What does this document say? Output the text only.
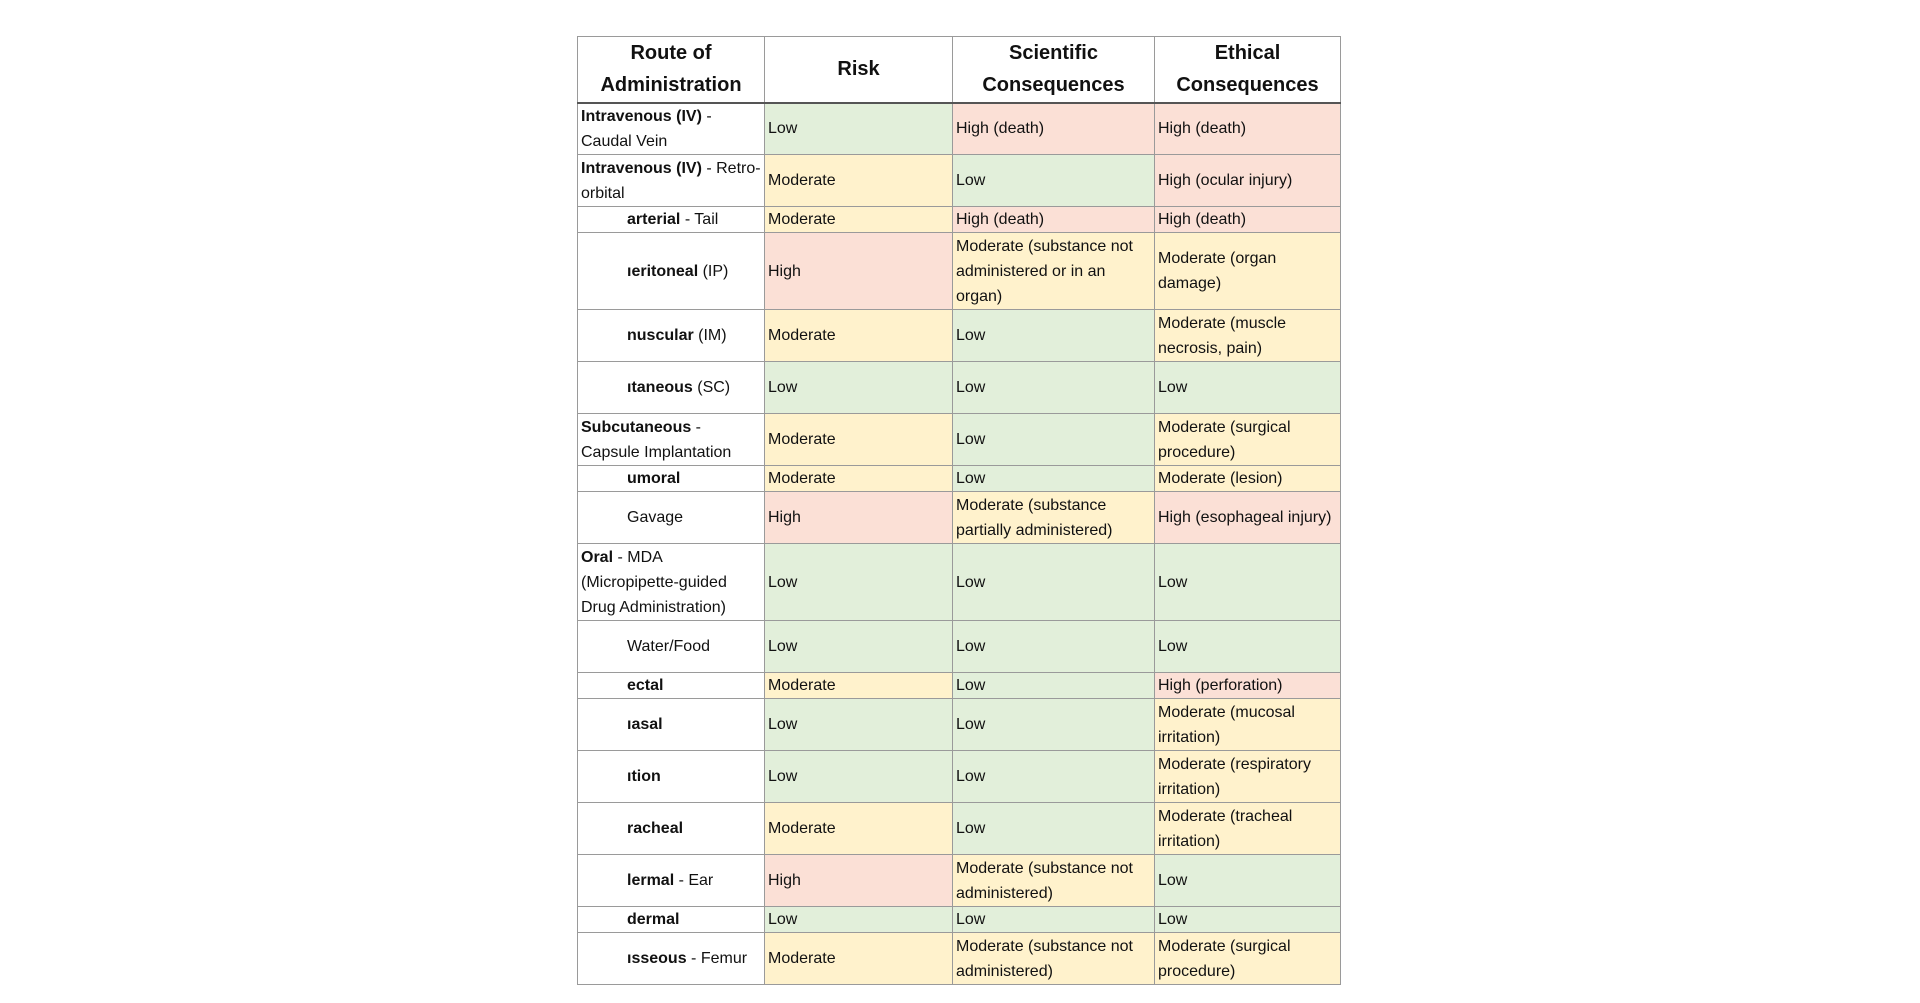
Route of Administration	Risk	Scientific Consequences	Ethical Consequences
Intravenous (IV) - Caudal Vein	Low	High (death)	High (death)
Intravenous (IV) - Retro-orbital	Moderate	Low	High (ocular injury)
arterial - Tail	Moderate	High (death)	High (death)
ıeritoneal (IP)	High	Moderate (substance not administered or in an organ)	Moderate (organ damage)
nuscular (IM)	Moderate	Low	Moderate (muscle necrosis, pain)
ıtaneous (SC)	Low	Low	Low
Subcutaneous - Capsule Implantation	Moderate	Low	Moderate (surgical procedure)
umoral	Moderate	Low	Moderate (lesion)
Gavage	High	Moderate (substance partially administered)	High (esophageal injury)
Oral - MDA (Micropipette-guided Drug Administration)	Low	Low	Low
Water/Food	Low	Low	Low
ectal	Moderate	Low	High (perforation)
ıasal	Low	Low	Moderate (mucosal irritation)
ıtion	Low	Low	Moderate (respiratory irritation)
racheal	Moderate	Low	Moderate (tracheal irritation)
lermal - Ear	High	Moderate (substance not administered)	Low
dermal	Low	Low	Low
ısseous - Femur	Moderate	Moderate (substance not administered)	Moderate (surgical procedure)
